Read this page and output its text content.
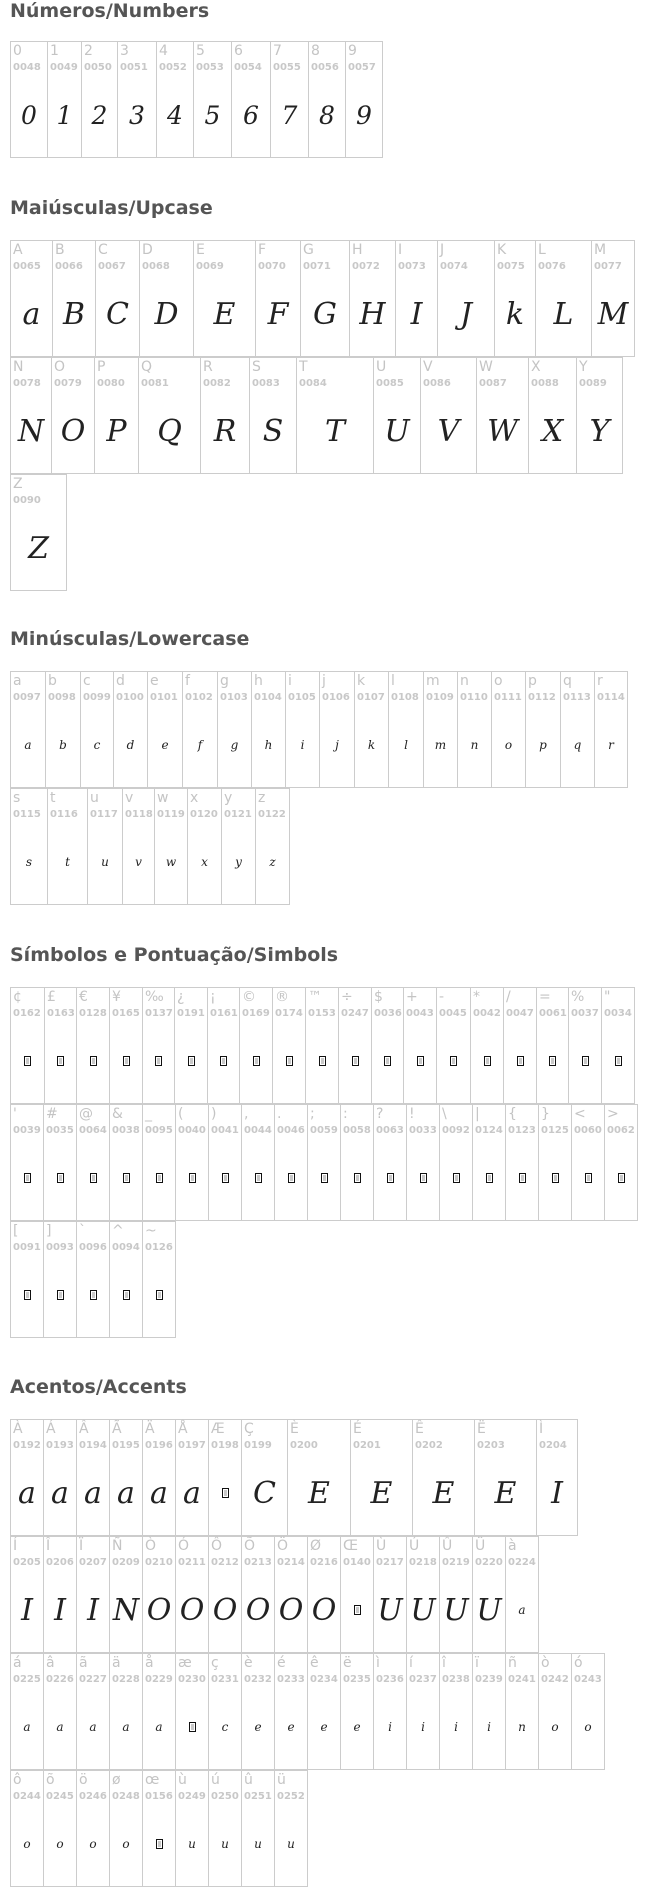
Números/Numbers
Maiúsculas/Upcase
Minúsculas/Lowercase
Símbolos e Pontuação/Simbols
Acentos/Accents
0
0048
0
1
0049
1
2
0050
2
3
0051
3
4
0052
4
5
0053
5
6
0054
6
7
0055
7
8
0056
8
9
0057
9
A
0065
a
B
0066
B
C
0067
C
D
0068
D
E
0069
E
F
0070
F
G
0071
G
H
0072
H
I
0073
I
J
0074
J
K
0075
k
L
0076
L
M
0077
M
N
0078
N
O
0079
O
P
0080
P
Q
0081
Q
R
0082
R
S
0083
S
T
0084
T
U
0085
U
V
0086
V
W
0087
W
X
0088
X
Y
0089
Y
Z
0090
Z
a
0097
a
b
0098
b
c
0099
c
d
0100
d
e
0101
e
f
0102
f
g
0103
g
h
0104
h
i
0105
i
j
0106
j
k
0107
k
l
0108
l
m
0109
m
n
0110
n
o
0111
o
p
0112
p
q
0113
q
r
0114
r
s
0115
s
t
0116
t
u
0117
u
v
0118
v
w
0119
w
x
0120
x
y
0121
y
z
0122
z
¢
0162
£
0163
€
0128
¥
0165
‰
0137
¿
0191
¡
0161
©
0169
®
0174
™
0153
÷
0247
$
0036
+
0043
-
0045
*
0042
/
0047
=
0061
%
0037
"
0034
'
0039
#
0035
@
0064
&
0038
_
0095
(
0040
)
0041
,
0044
.
0046
;
0059
:
0058
?
0063
!
0033
\
0092
|
0124
{
0123
}
0125
<
0060
>
0062
[
0091
]
0093
`
0096
^
0094
~
0126
À
0192
a
Á
0193
a
Â
0194
a
Ã
0195
a
Ä
0196
a
Å
0197
a
Æ
0198
Ç
0199
C
È
0200
E
É
0201
E
Ê
0202
E
Ë
0203
E
Ì
0204
I
Í
0205
I
Î
0206
I
Ï
0207
I
Ñ
0209
N
Ò
0210
O
Ó
0211
O
Ô
0212
O
Õ
0213
O
Ö
0214
O
Ø
0216
O
Œ
0140
Ù
0217
U
Ú
0218
U
Û
0219
U
Ü
0220
U
à
0224
a
á
0225
a
â
0226
a
ã
0227
a
ä
0228
a
å
0229
a
æ
0230
ç
0231
c
è
0232
e
é
0233
e
ê
0234
e
ë
0235
e
ì
0236
i
í
0237
i
î
0238
i
ï
0239
i
ñ
0241
n
ò
0242
o
ó
0243
o
ô
0244
o
õ
0245
o
ö
0246
o
ø
0248
o
œ
0156
ù
0249
u
ú
0250
u
û
0251
u
ü
0252
u
